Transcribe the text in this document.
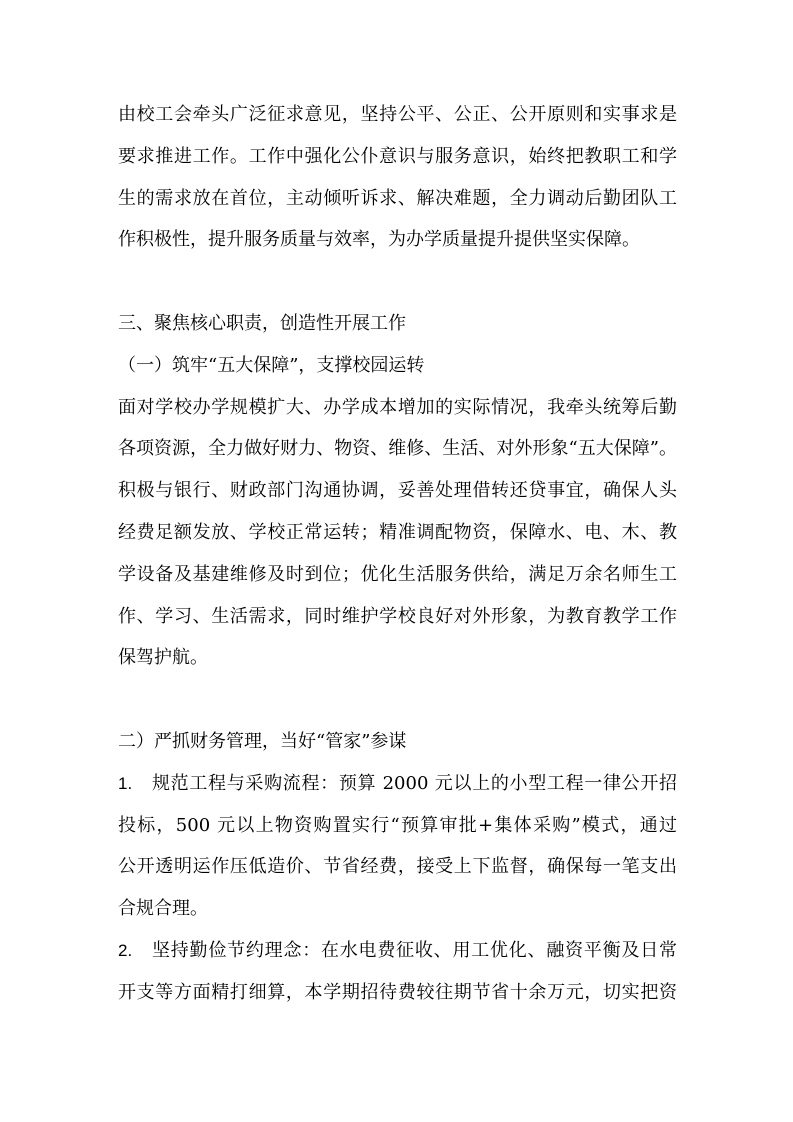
由校工会牵头广泛征求意见，坚持公平、公正、公开原则和实事求是
要求推进工作。工作中强化公仆意识与服务意识，始终把教职工和学
生的需求放在首位，主动倾听诉求、解决难题，全力调动后勤团队工
作积极性，提升服务质量与效率，为办学质量提升提供坚实保障。
三、聚焦核心职责，创造性开展工作
（一）筑牢“五大保障”，支撑校园运转
面对学校办学规模扩大、办学成本增加的实际情况，我牵头统筹后勤
各项资源，全力做好财力、物资、维修、生活、对外形象“五大保障”。
积极与银行、财政部门沟通协调，妥善处理借转还贷事宜，确保人头
经费足额发放、学校正常运转；精准调配物资，保障水、电、木、教
学设备及基建维修及时到位；优化生活服务供给，满足万余名师生工
作、学习、生活需求，同时维护学校良好对外形象，为教育教学工作
保驾护航。
二）严抓财务管理，当好“管家”参谋
1.	规范工程与采购流程：预算 2000 元以上的小型工程一律公开招
投标，500 元以上物资购置实行“预算审批+集体采购”模式，通过
公开透明运作压低造价、节省经费，接受上下监督，确保每一笔支出
合规合理。
2.	坚持勤俭节约理念：在水电费征收、用工优化、融资平衡及日常
开支等方面精打细算，本学期招待费较往期节省十余万元，切实把资
